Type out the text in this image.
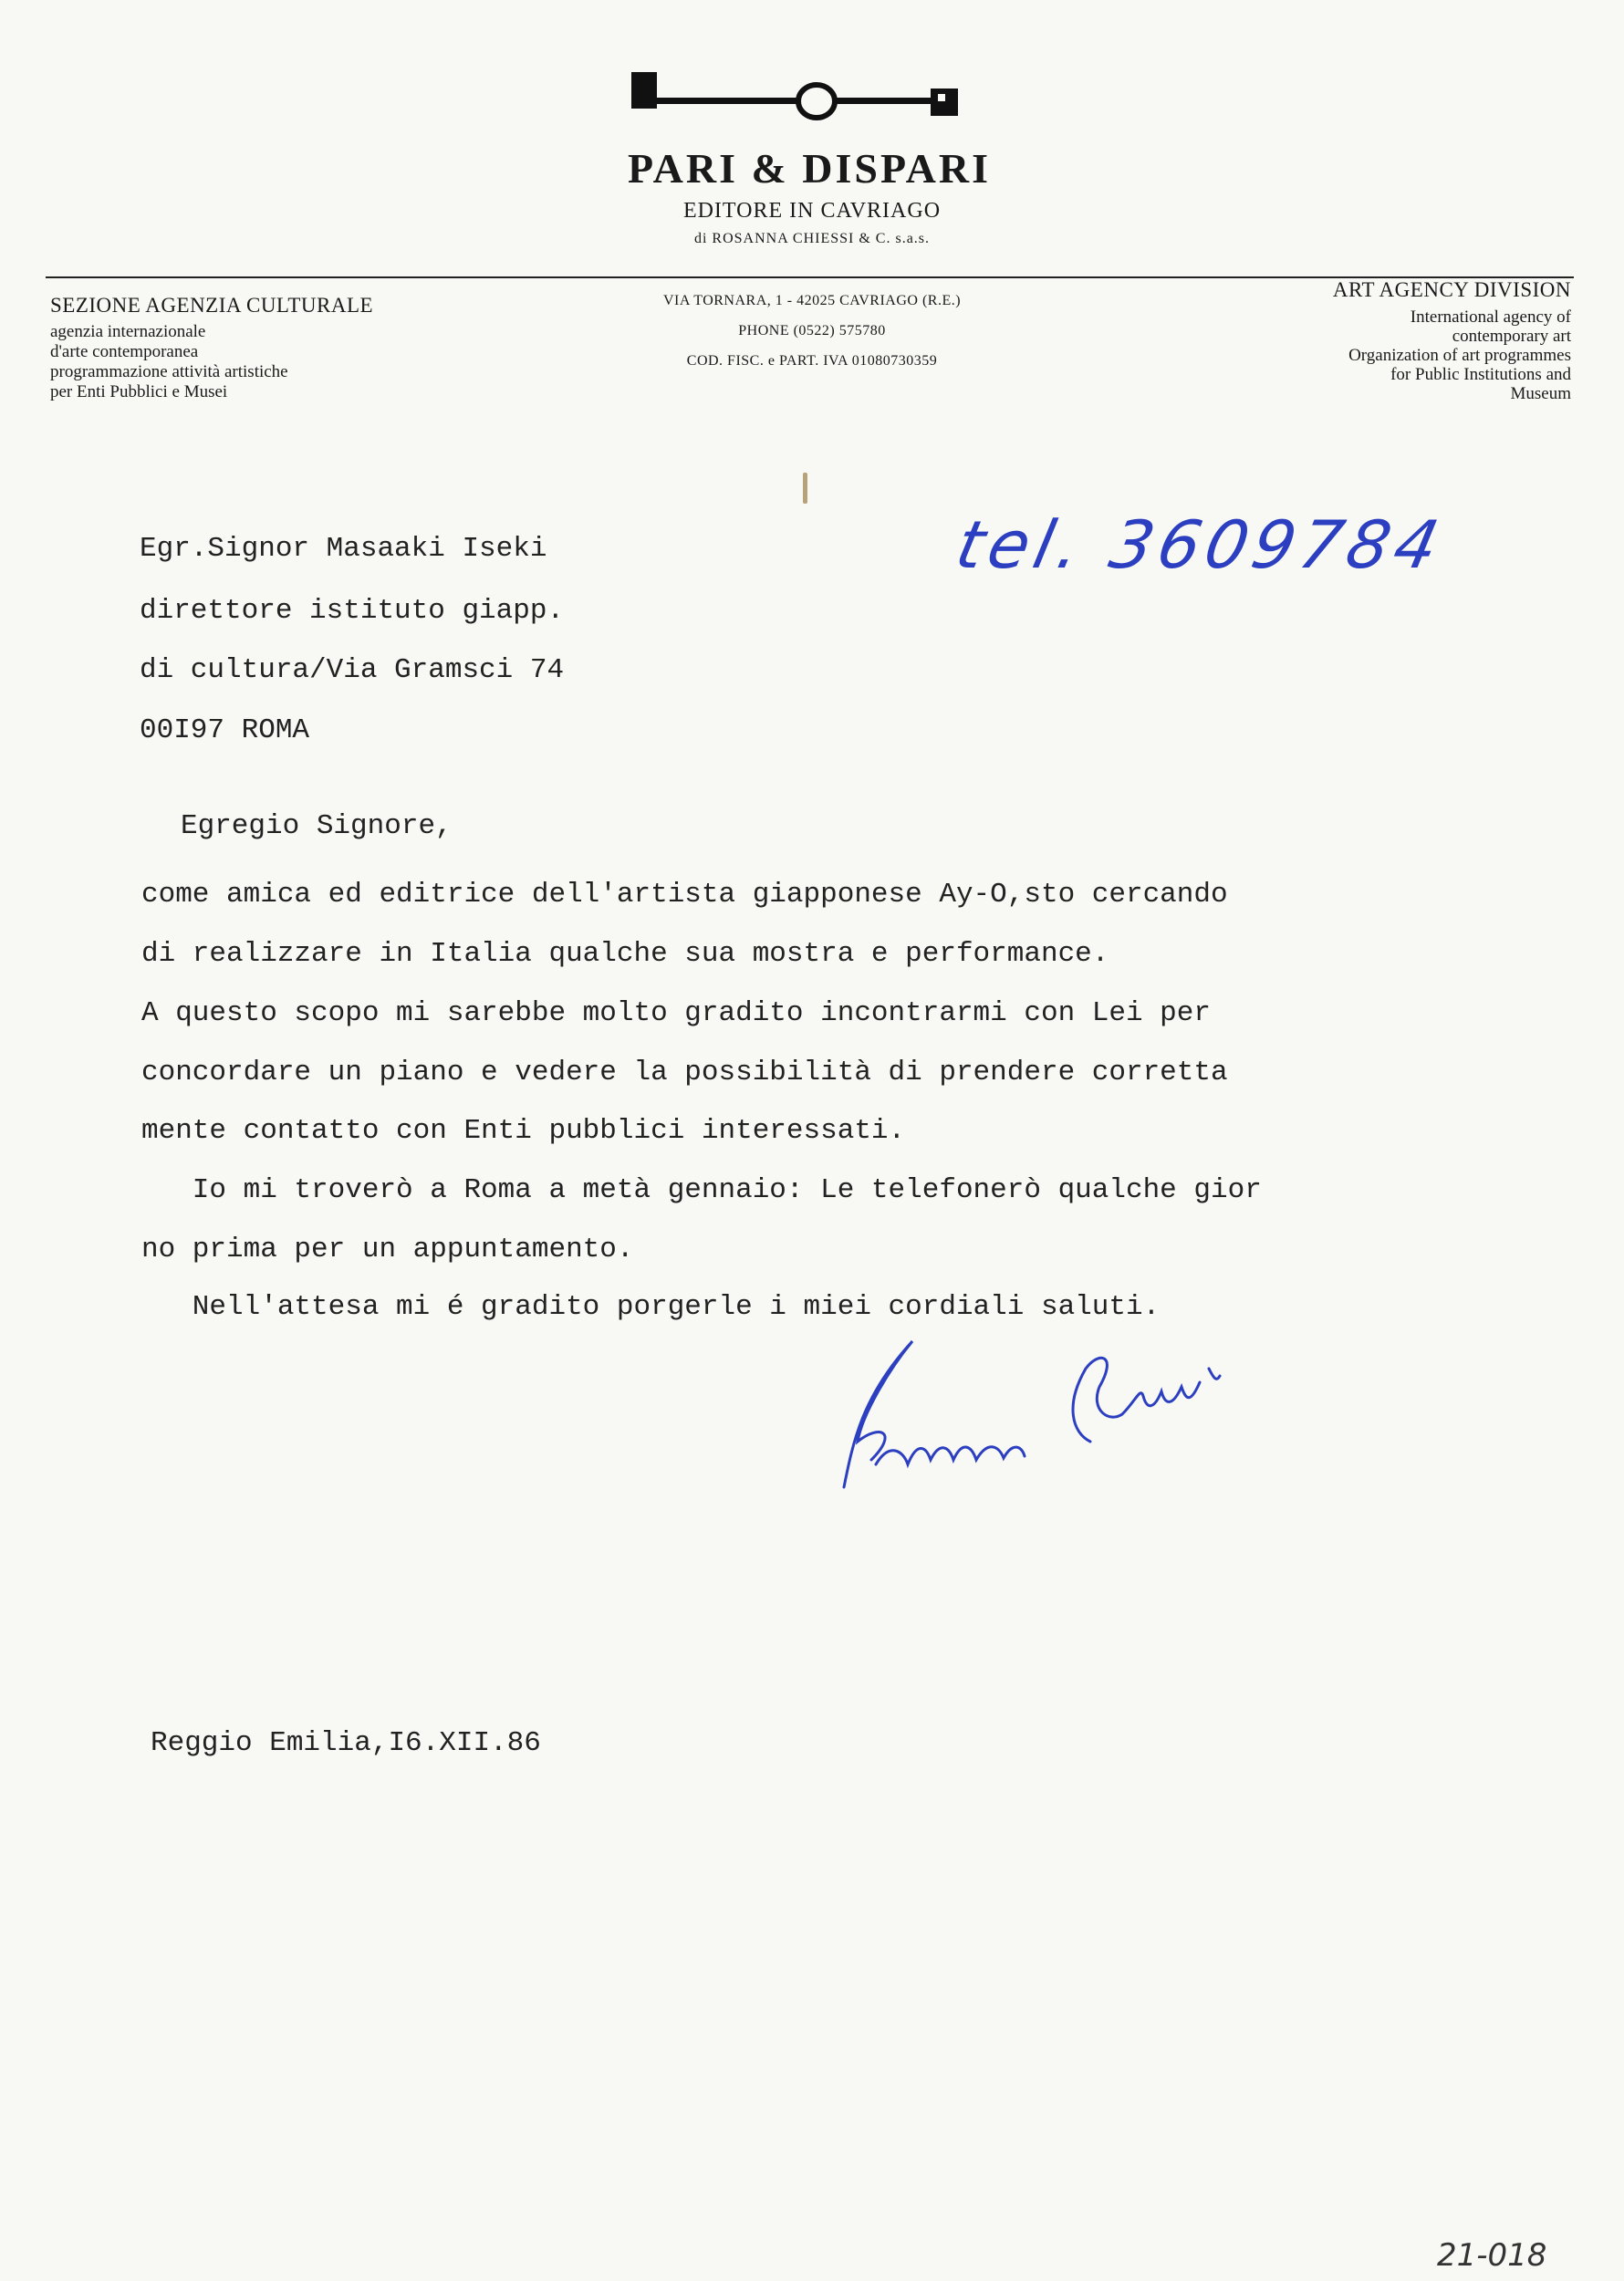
PARI & DISPARI
EDITORE IN CAVRIAGO
di ROSANNA CHIESSI & C. s.a.s.
SEZIONE AGENZIA CULTURALE
agenzia internazionale
d'arte contemporanea
programmazione attività artistiche
per Enti Pubblici e Musei
VIA TORNARA, 1 - 42025 CAVRIAGO (R.E.)
PHONE (0522) 575780
COD. FISC. e PART. IVA 01080730359
ART AGENCY DIVISION
International agency of
contemporary art
Organization of art programmes
for Public Institutions and
Museum
tel. 3609784
Egr.Signor Masaaki Iseki
direttore istituto giapp.
di cultura/Via Gramsci 74
00I97 ROMA
Egregio Signore,
come amica ed editrice dell'artista giapponese Ay-O,sto cercando
di realizzare in Italia qualche sua mostra e performance.
A questo scopo mi sarebbe molto gradito incontrarmi con Lei per
concordare un piano e vedere la possibilità di prendere corretta
mente contatto con Enti pubblici interessati.
Io mi troverò a Roma a metà gennaio: Le telefonerò qualche gior
no prima per un appuntamento.
Nell'attesa mi é gradito porgerle i miei cordiali saluti.
Reggio Emilia,I6.XII.86
21-018
